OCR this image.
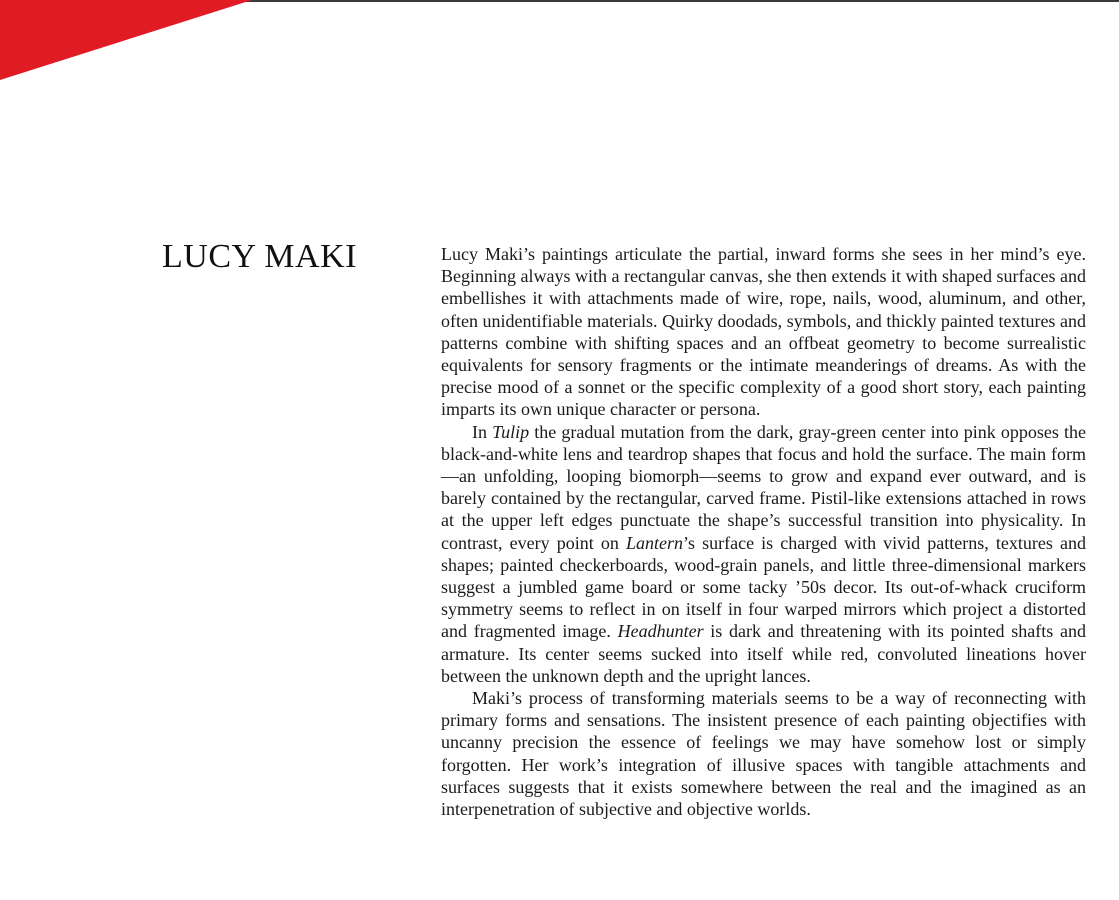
LUCY MAKI	Lucy Maki’s paintings articulate the partial, inward forms she sees in her mind’s eye. Beginning always with a rectangular canvas, she then extends it with shaped surfaces and embellishes it with attachments made of wire, rope, nails, wood, aluminum, and other, often unidentifiable materials. Quirky doodads, symbols, and thickly painted textures and patterns combine with shifting spaces and an offbeat geometry to become surrealistic equivalents for sensory fragments or the intimate meanderings of dreams. As with the precise mood of a sonnet or the specific complexity of a good short story, each painting imparts its own unique character or persona.

In Tulip the gradual mutation from the dark, gray-green center into pink opposes the black-and-white lens and teardrop shapes that focus and hold the surface. The main form—an unfolding, looping biomorph—seems to grow and expand ever outward, and is barely contained by the rectangular, carved frame. Pistil-like extensions attached in rows at the upper left edges punctuate the shape’s successful transition into physicality. In contrast, every point on Lantern’s surface is charged with vivid patterns, textures and shapes; painted checkerboards, wood-grain panels, and little three-dimensional markers suggest a jumbled game board or some tacky ’50s decor. Its out-of-whack cruciform symmetry seems to reflect in on itself in four warped mirrors which project a distorted and fragmented image. Headhunter is dark and threatening with its pointed shafts and armature. Its center seems sucked into itself while red, convoluted lineations hover between the unknown depth and the upright lances.

Maki’s process of transforming materials seems to be a way of reconnecting with primary forms and sensations. The insistent presence of each painting objectifies with uncanny precision the essence of feelings we may have somehow lost or simply forgotten. Her work’s integration of illusive spaces with tangible attachments and surfaces suggests that it exists somewhere between the real and the imagined as an interpenetration of subjective and objective worlds.
